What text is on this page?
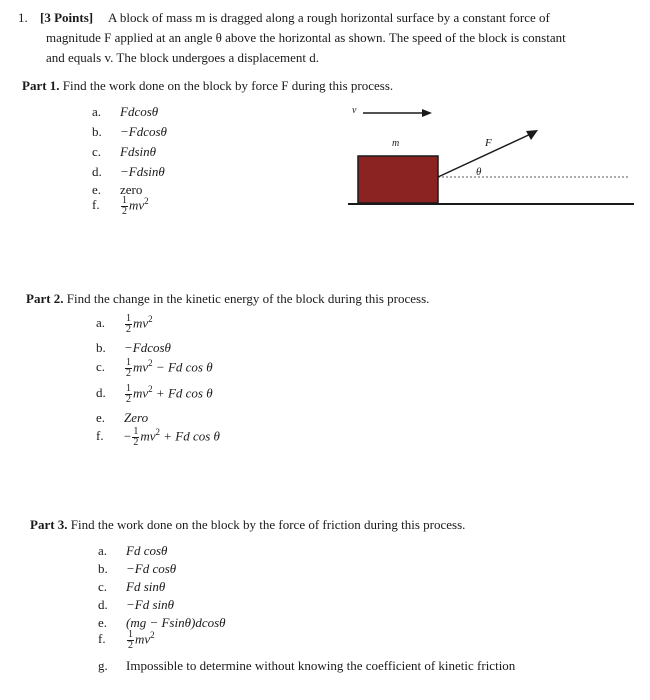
1. [3 Points] A block of mass m is dragged along a rough horizontal surface by a constant force of
magnitude F applied at an angle θ above the horizontal as shown. The speed of the block is constant
and equals v. The block undergoes a displacement d.
Part 1. Find the work done on the block by force F during this process.
a. Fdcosθ
b. −Fdcosθ
c. Fdsinθ
d. −Fdsinθ
e. zero
f. $\frac{1}{2} mv^2$
v
m	F
θ
Part 2. Find the change in the kinetic energy of the block during this process.
a. $\frac{1}{2} mv^2$
b. −Fdcosθ
c. $\frac{1}{2} mv^2 - Fd$ cos θ
d. $\frac{1}{2} mv^2 + Fd$ cos θ
e. Zero
f. − $\frac{1}{2} mv^2 + Fd$ cos θ
Part 3. Find the work done on the block by the force of friction during this process.
a. Fd cosθ
b. −Fd cosθ
c. Fd sinθ
d. −Fd sinθ
e. (mg − Fsinθ)dcosθ
f. $\frac{1}{2} mv^2$
g. Impossible to determine without knowing the coefficient of kinetic friction
